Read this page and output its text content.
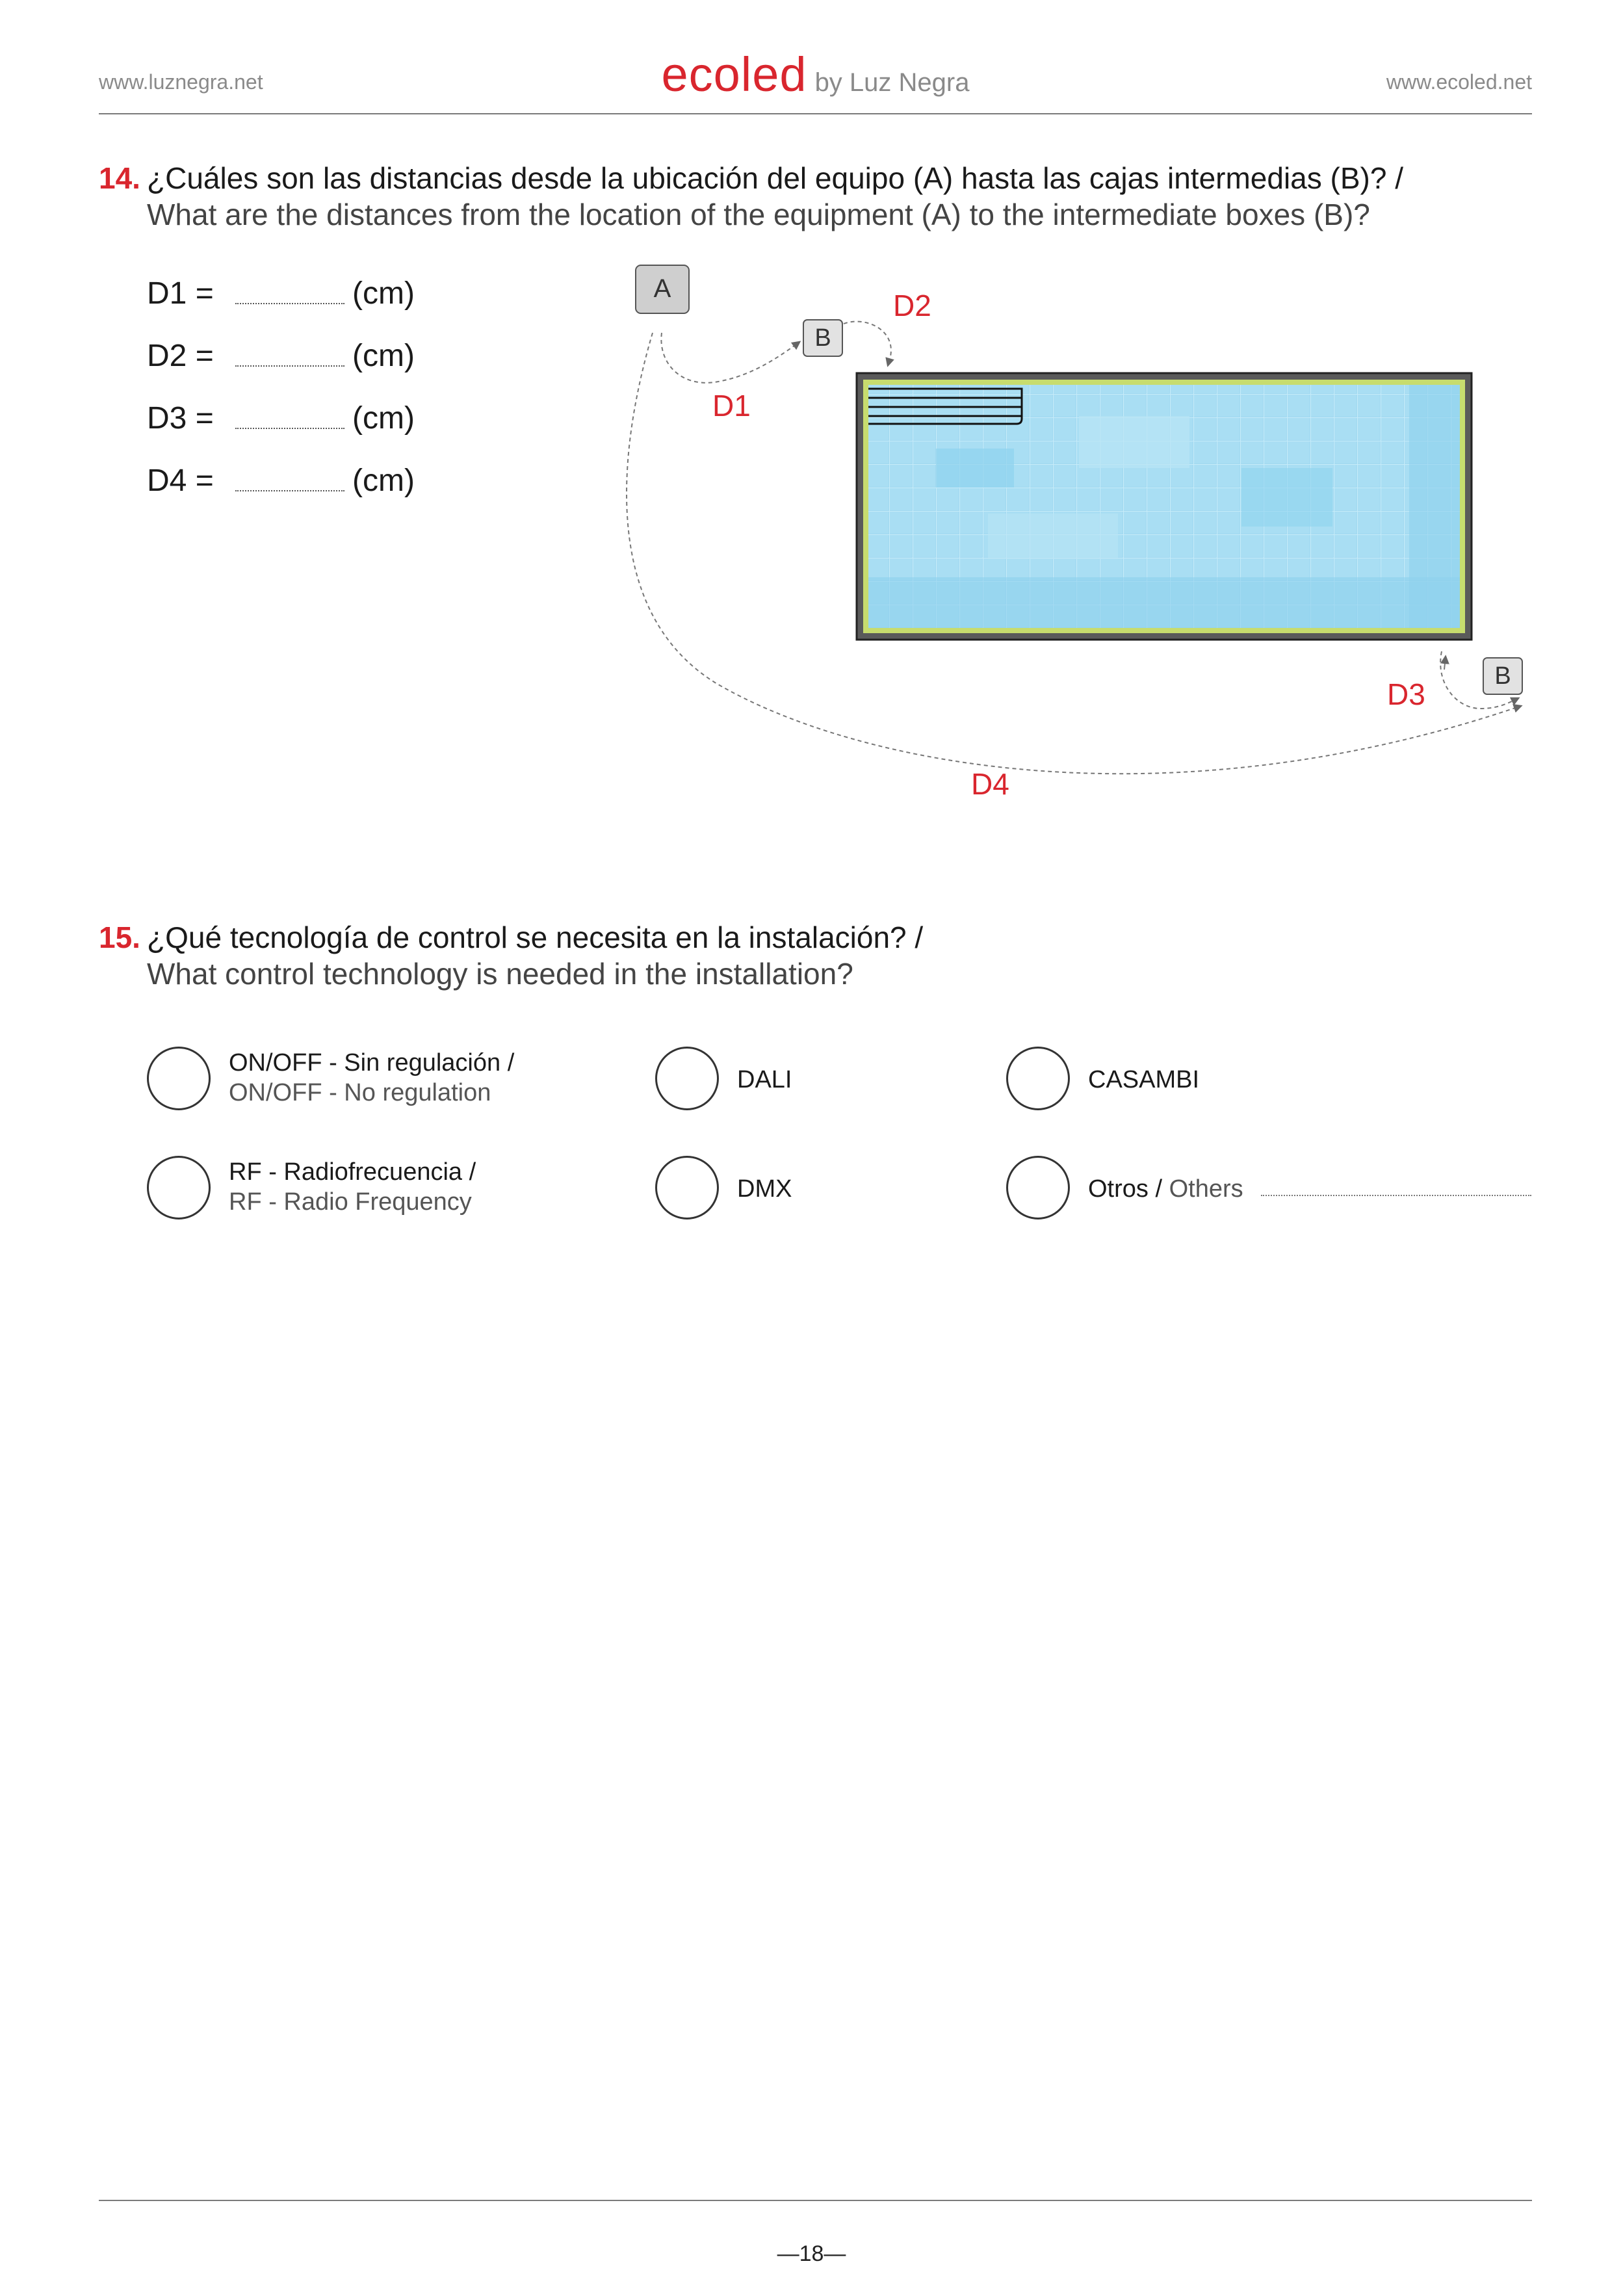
www.luznegra.net	ecoled by Luz Negra	www.ecoled.net
14. ¿Cuáles son las distancias desde la ubicación del equipo (A) hasta las cajas intermedias (B)? /
What are the distances from the location of the equipment (A) to the intermediate boxes (B)?
D1 =	(cm)
D2 =	(cm)
D3 =	(cm)
D4 =	(cm)
A
B
B
D1
D2
D3
D4
15. ¿Qué tecnología de control se necesita en la instalación? /
What control technology is needed in the installation?
ON/OFF - Sin regulación /
ON/OFF - No regulation	DALI	CASAMBI
RF - Radiofrecuencia /
RF - Radio Frequency	DMX	Otros / Others
—18—
